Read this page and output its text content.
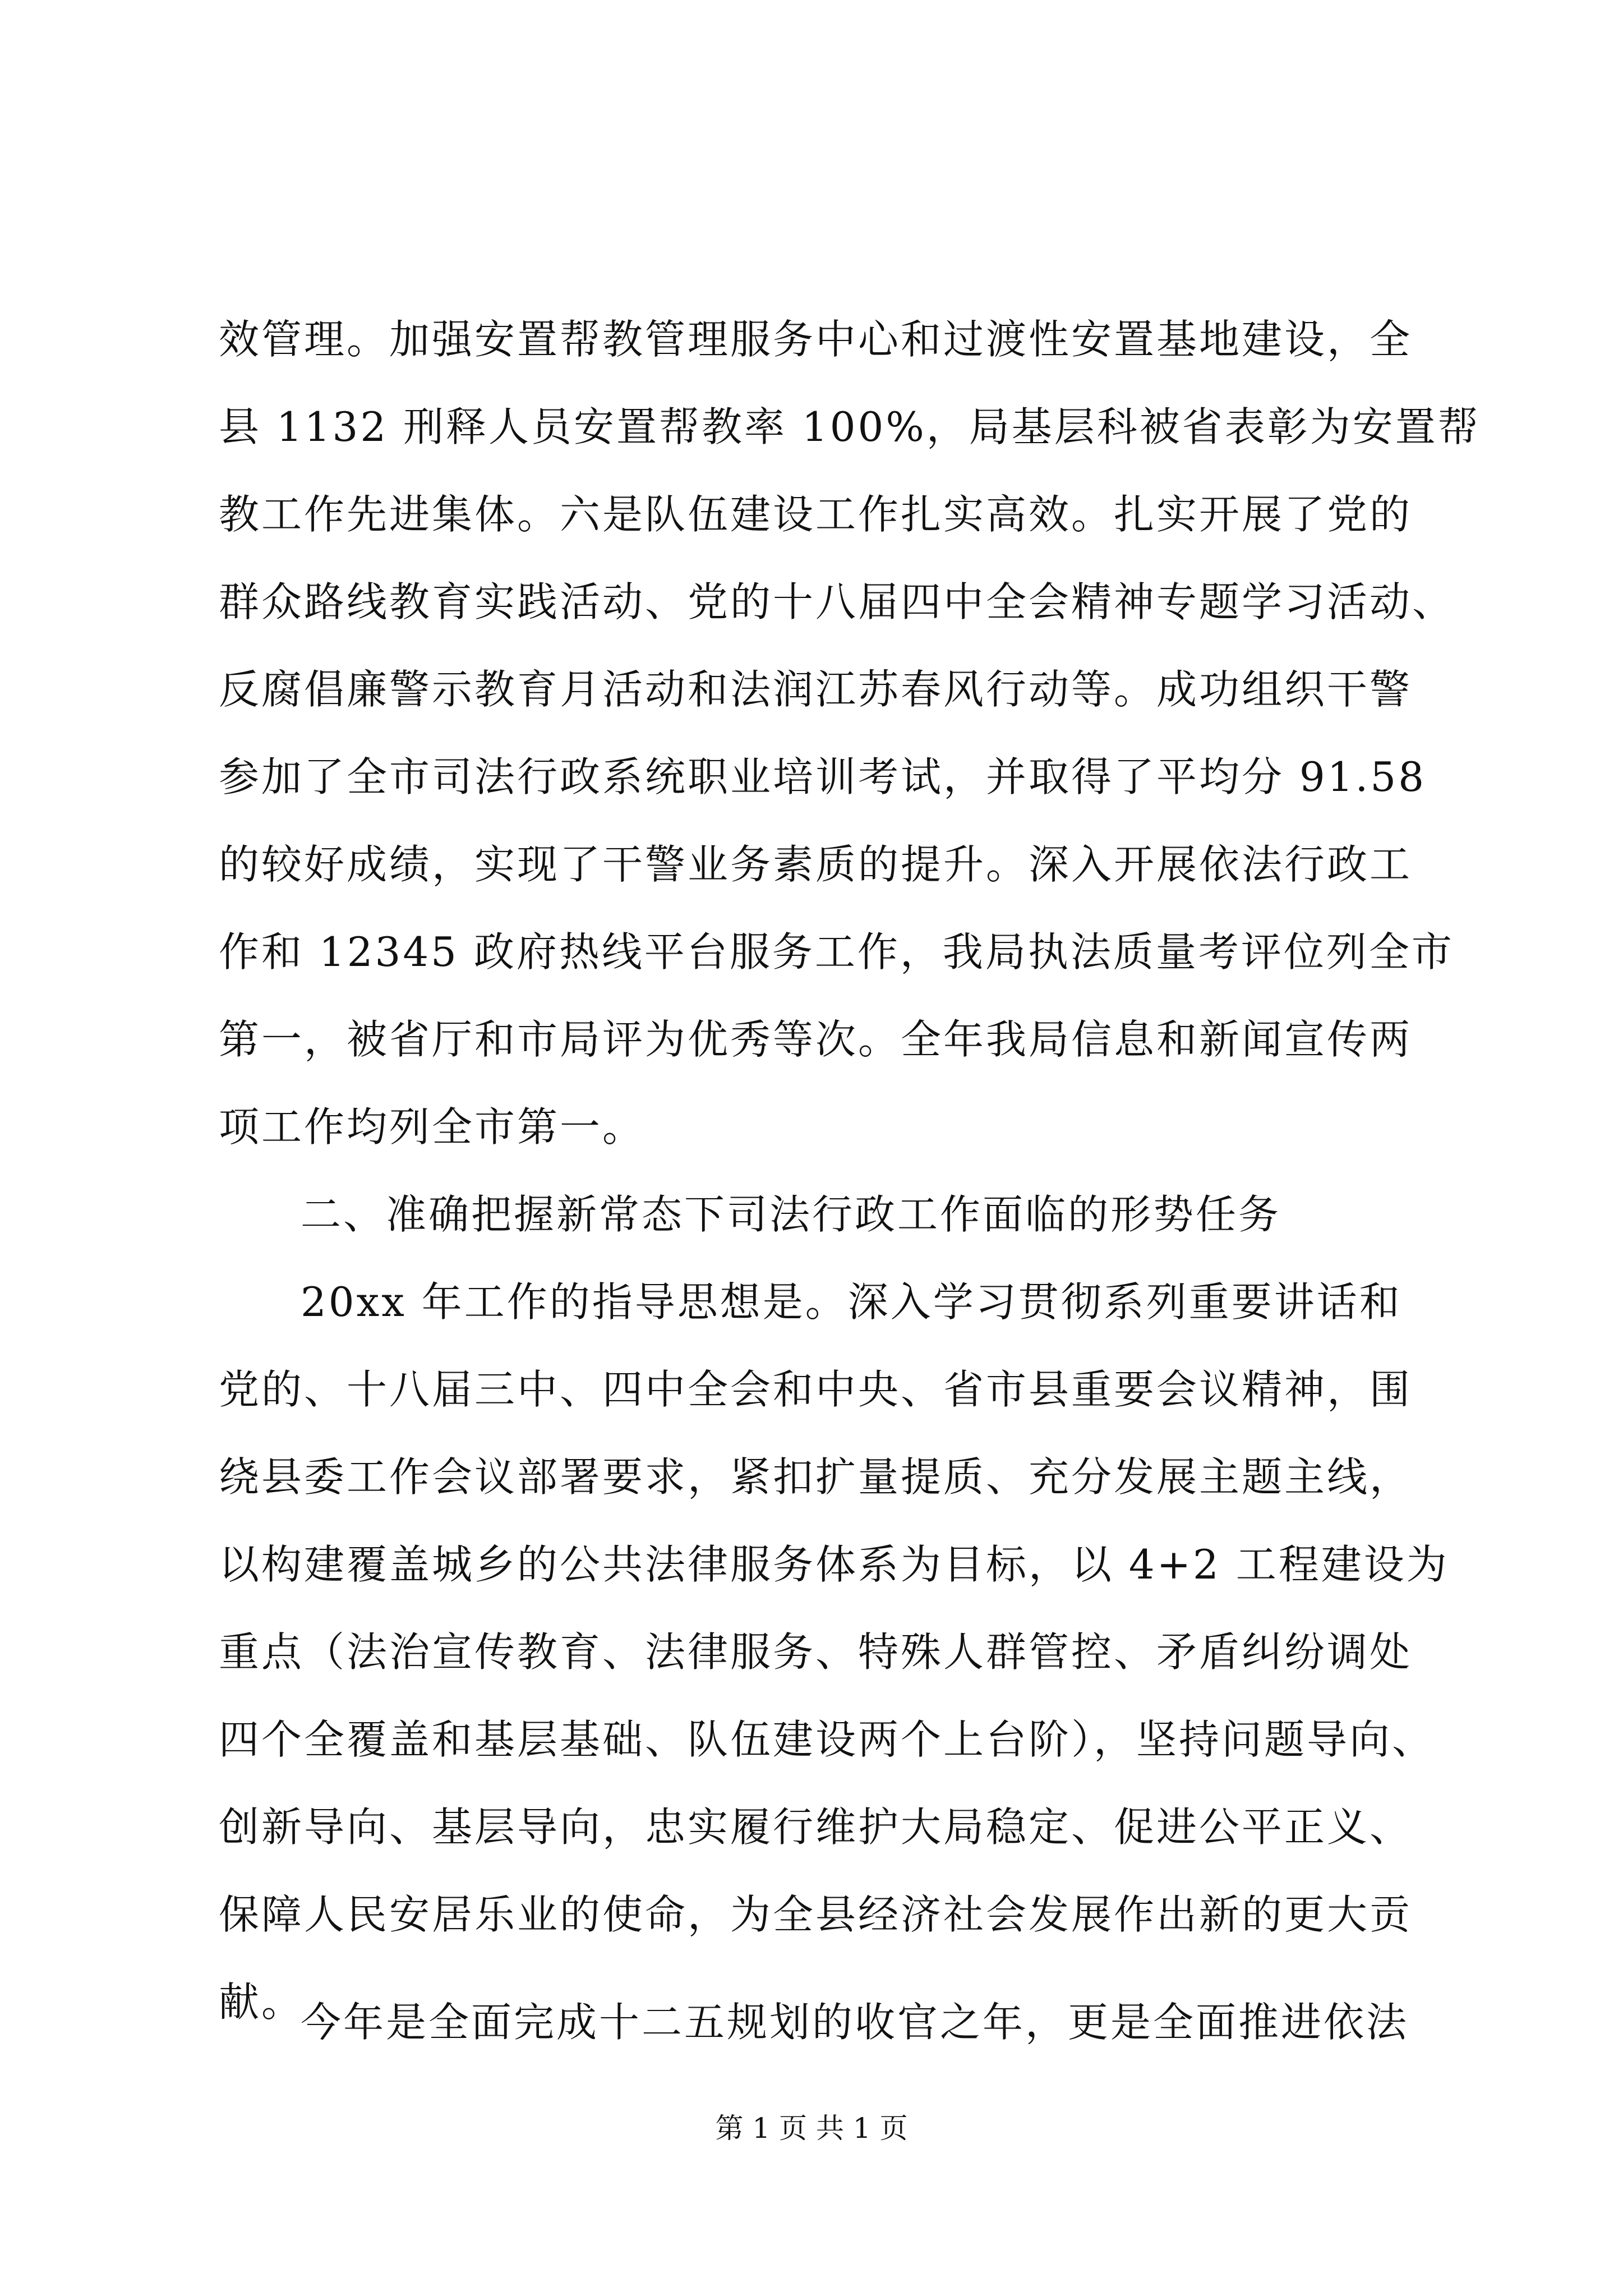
效管理。加强安置帮教管理服务中心和过渡性安置基地建设，全
县 1132 刑释人员安置帮教率 100%，局基层科被省表彰为安置帮
教工作先进集体。六是队伍建设工作扎实高效。扎实开展了党的
群众路线教育实践活动、党的十八届四中全会精神专题学习活动、
反腐倡廉警示教育月活动和法润江苏春风行动等。成功组织干警
参加了全市司法行政系统职业培训考试，并取得了平均分 91.58
的较好成绩，实现了干警业务素质的提升。深入开展依法行政工
作和 12345 政府热线平台服务工作，我局执法质量考评位列全市
第一，被省厅和市局评为优秀等次。全年我局信息和新闻宣传两
项工作均列全市第一。
二、准确把握新常态下司法行政工作面临的形势任务
20xx 年工作的指导思想是。深入学习贯彻系列重要讲话和
党的、十八届三中、四中全会和中央、省市县重要会议精神，围
绕县委工作会议部署要求，紧扣扩量提质、充分发展主题主线，
以构建覆盖城乡的公共法律服务体系为目标，以 4+2 工程建设为
重点（法治宣传教育、法律服务、特殊人群管控、矛盾纠纷调处
四个全覆盖和基层基础、队伍建设两个上台阶），坚持问题导向、
创新导向、基层导向，忠实履行维护大局稳定、促进公平正义、
保障人民安居乐业的使命，为全县经济社会发展作出新的更大贡
献。
今年是全面完成十二五规划的收官之年，更是全面推进依法
第 1 页 共 1 页
